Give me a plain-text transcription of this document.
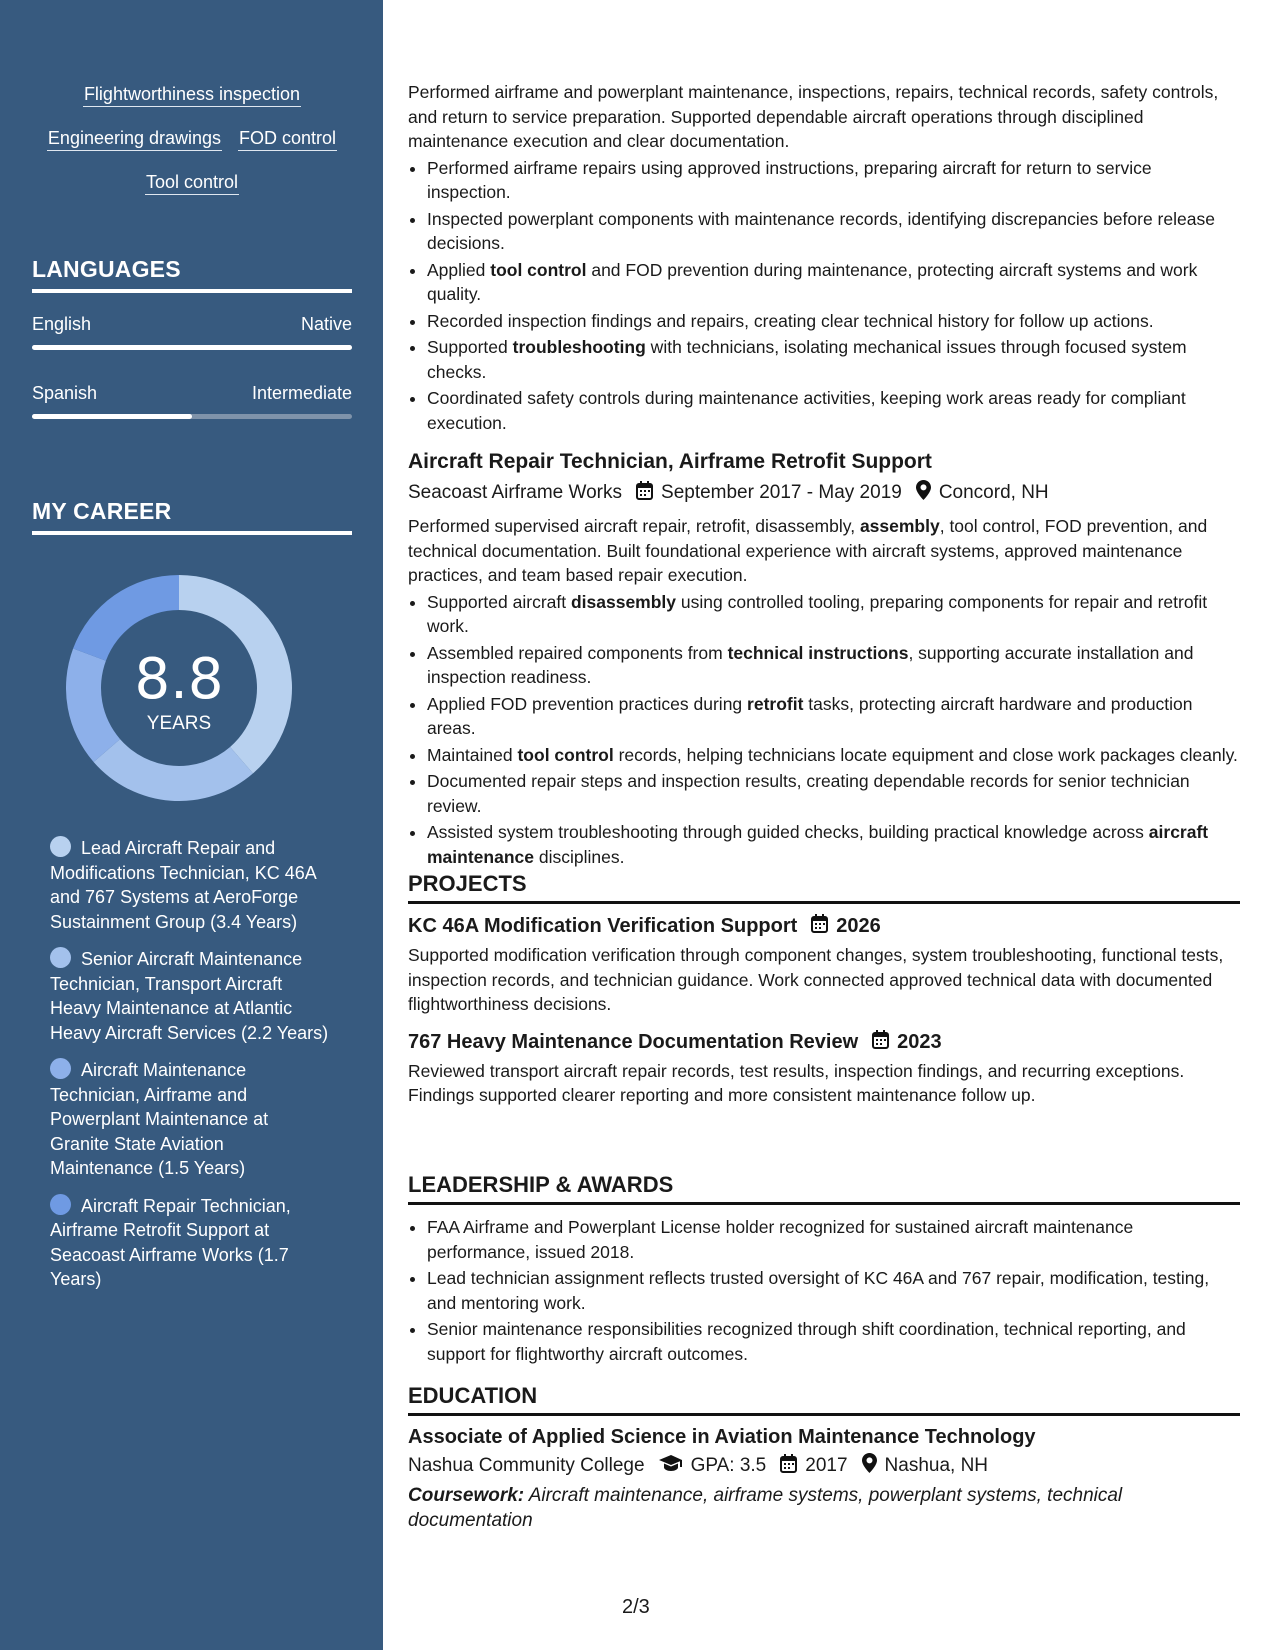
Flightworthiness inspection
Engineering drawings FOD control
Tool control
LANGUAGES
English	Native
Spanish	Intermediate
MY CAREER
8.8
YEARS
Lead Aircraft Repair and Modifications Technician, KC 46A and 767 Systems at AeroForge Sustainment Group (3.4 Years)
Senior Aircraft Maintenance Technician, Transport Aircraft Heavy Maintenance at Atlantic Heavy Aircraft Services (2.2 Years)
Aircraft Maintenance Technician, Airframe and Powerplant Maintenance at Granite State Aviation Maintenance (1.5 Years)
Aircraft Repair Technician, Airframe Retrofit Support at Seacoast Airframe Works (1.7 Years)

Performed airframe and powerplant maintenance, inspections, repairs, technical records, safety controls, and return to service preparation. Supported dependable aircraft operations through disciplined maintenance execution and clear documentation.

• Performed airframe repairs using approved instructions, preparing aircraft for return to service inspection.
• Inspected powerplant components with maintenance records, identifying discrepancies before release decisions.
• Applied tool control and FOD prevention during maintenance, protecting aircraft systems and work quality.
• Recorded inspection findings and repairs, creating clear technical history for follow up actions.
• Supported troubleshooting with technicians, isolating mechanical issues through focused system checks.
• Coordinated safety controls during maintenance activities, keeping work areas ready for compliant execution.
Aircraft Repair Technician, Airframe Retrofit Support
Seacoast Airframe Works September 2017 - May 2019 Concord, NH

Performed supervised aircraft repair, retrofit, disassembly, assembly, tool control, FOD prevention, and technical documentation. Built foundational experience with aircraft systems, approved maintenance practices, and team based repair execution.

• Supported aircraft disassembly using controlled tooling, preparing components for repair and retrofit work.
• Assembled repaired components from technical instructions, supporting accurate installation and inspection readiness.
• Applied FOD prevention practices during retrofit tasks, protecting aircraft hardware and production areas.
• Maintained tool control records, helping technicians locate equipment and close work packages cleanly.
• Documented repair steps and inspection results, creating dependable records for senior technician review.
• Assisted system troubleshooting through guided checks, building practical knowledge across aircraft maintenance disciplines.
PROJECTS
KC 46A Modification Verification Support 2026

Supported modification verification through component changes, system troubleshooting, functional tests, inspection records, and technician guidance. Work connected approved technical data with documented flightworthiness decisions.

767 Heavy Maintenance Documentation Review 2023

Reviewed transport aircraft repair records, test results, inspection findings, and recurring exceptions. Findings supported clearer reporting and more consistent maintenance follow up.

LEADERSHIP & AWARDS
• FAA Airframe and Powerplant License holder recognized for sustained aircraft maintenance performance, issued 2018.
• Lead technician assignment reflects trusted oversight of KC 46A and 767 repair, modification, testing, and mentoring work.
• Senior maintenance responsibilities recognized through shift coordination, technical reporting, and support for flightworthy aircraft outcomes.
EDUCATION
Associate of Applied Science in Aviation Maintenance Technology
Nashua Community College GPA: 3.5 2017 Nashua, NH

Coursework: Aircraft maintenance, airframe systems, powerplant systems, technical documentation

2/3
